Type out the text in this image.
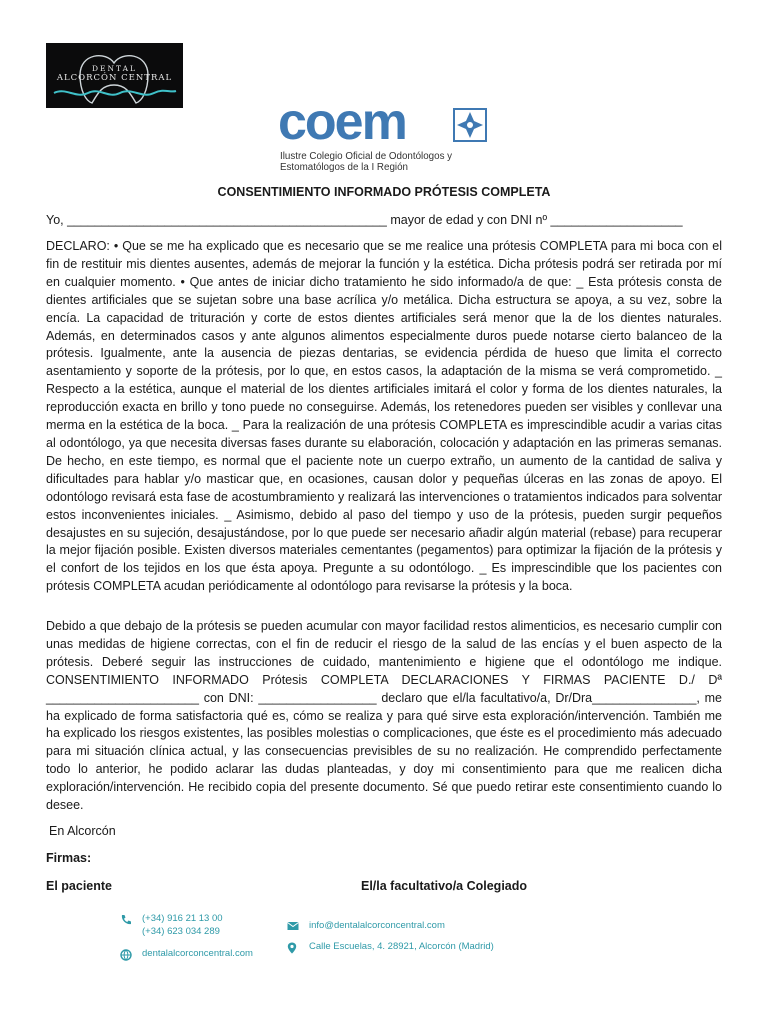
DENTAL
ALCORCÓN CENTRAL
coem
Ilustre Colegio Oficial de Odontólogos y
Estomatólogos de la I Región
CONSENTIMIENTO INFORMADO PRÓTESIS COMPLETA
Yo, ______________________________________________ mayor de edad y con DNI nº ___________________

DECLARO: • Que se me ha explicado que es necesario que se me realice una prótesis COMPLETA para mi boca con el fin de restituir mis dientes ausentes, además de mejorar la función y la estética. Dicha prótesis podrá ser retirada por mí en cualquier momento. • Que antes de iniciar dicho tratamiento he sido informado/a de que: _ Esta prótesis consta de dientes artificiales que se sujetan sobre una base acrílica y/o metálica. Dicha estructura se apoya, a su vez, sobre la encía. La capacidad de trituración y corte de estos dientes artificiales será menor que la de los dientes naturales. Además, en determinados casos y ante algunos alimentos especialmente duros puede notarse cierto balanceo de la prótesis. Igualmente, ante la ausencia de piezas dentarias, se evidencia pérdida de hueso que limita el correcto asentamiento y soporte de la prótesis, por lo que, en estos casos, la adaptación de la misma se verá comprometido. _ Respecto a la estética, aunque el material de los dientes artificiales imitará el color y forma de los dientes naturales, la reproducción exacta en brillo y tono puede no conseguirse. Además, los retenedores pueden ser visibles y conllevar una merma en la estética de la boca. _ Para la realización de una prótesis COMPLETA es imprescindible acudir a varias citas al odontólogo, ya que necesita diversas fases durante su elaboración, colocación y adaptación en las primeras semanas. De hecho, en este tiempo, es normal que el paciente note un cuerpo extraño, un aumento de la cantidad de saliva y dificultades para hablar y/o masticar que, en ocasiones, causan dolor y pequeñas úlceras en las zonas de apoyo. El odontólogo revisará esta fase de acostumbramiento y realizará las intervenciones o tratamientos indicados para solventar estos inconvenientes iniciales. _ Asimismo, debido al paso del tiempo y uso de la prótesis, pueden surgir pequeños desajustes en su sujeción, desajustándose, por lo que puede ser necesario añadir algún material (rebase) para recuperar la mejor fijación posible. Existen diversos materiales cementantes (pegamentos) para optimizar la fijación de la prótesis y el confort de los tejidos en los que ésta apoya. Pregunte a su odontólogo. _ Es imprescindible que los pacientes con prótesis COMPLETA acudan periódicamente al odontólogo para revisarse la prótesis y la boca.

Debido a que debajo de la prótesis se pueden acumular con mayor facilidad restos alimenticios, es necesario cumplir con unas medidas de higiene correctas, con el fin de reducir el riesgo de la salud de las encías y el buen aspecto de la prótesis. Deberé seguir las instrucciones de cuidado, mantenimiento e higiene que el odontólogo me indique. CONSENTIMIENTO INFORMADO Prótesis COMPLETA DECLARACIONES Y FIRMAS PACIENTE D./ Dª ______________________ con DNI: _________________ declaro que el/la facultativo/a, Dr/Dra_______________, me ha explicado de forma satisfactoria qué es, cómo se realiza y para qué sirve esta exploración/intervención. También me ha explicado los riesgos existentes, las posibles molestias o complicaciones, que éste es el procedimiento más adecuado para mi situación clínica actual, y las consecuencias previsibles de su no realización. He comprendido perfectamente todo lo anterior, he podido aclarar las dudas planteadas, y doy mi consentimiento para que me realicen dicha exploración/intervención. He recibido copia del presente documento. Sé que puedo retirar este consentimiento cuando lo desee.

En Alcorcón
Firmas:
El paciente	El/la facultativo/a Colegiado
(+34) 916 21 13 00
(+34) 623 034 289
dentalalcorconcentral.com
info@dentalalcorconcentral.com
Calle Escuelas, 4. 28921, Alcorcón (Madrid)
